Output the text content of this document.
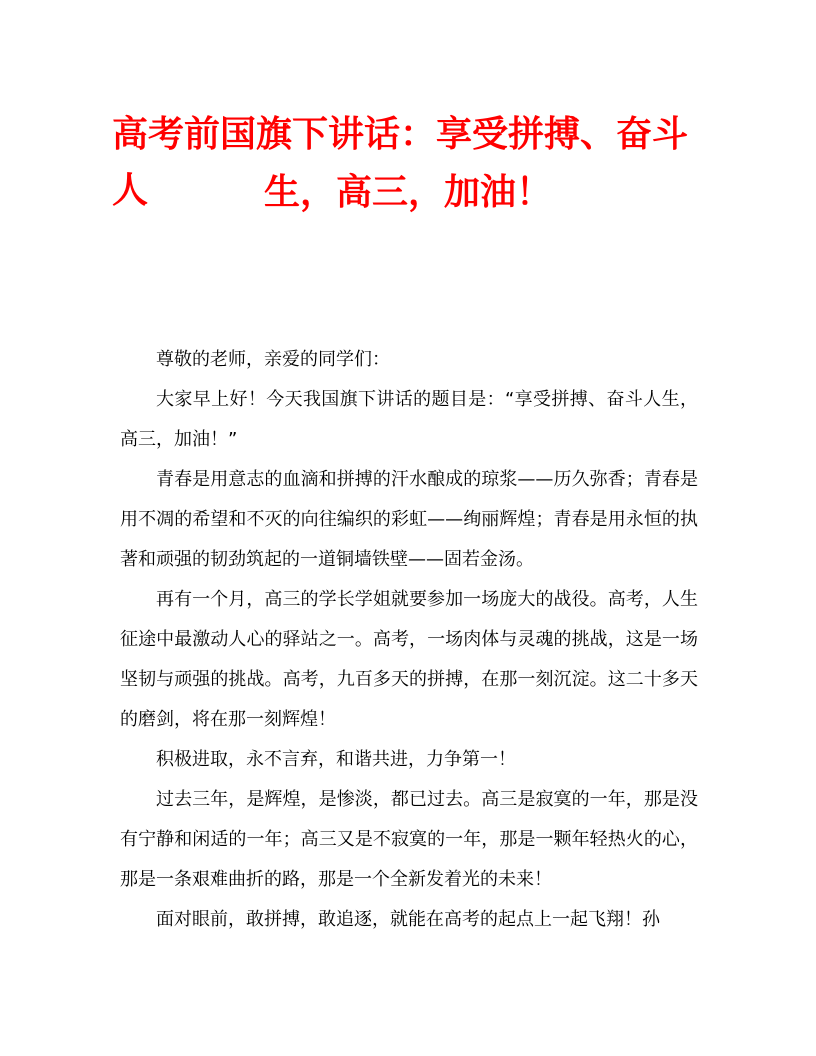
高考前国旗下讲话：享受拼搏、奋斗人	生，高三，加油！

尊敬的老师，亲爱的同学们：

大家早上好！今天我国旗下讲话的题目是：“享受拼搏、奋斗人生，高三，加油！”

青春是用意志的血滴和拼搏的汗水酿成的琼浆——历久弥香；青春是用不凋的希望和不灭的向往编织的彩虹——绚丽辉煌；青春是用永恒的执著和顽强的韧劲筑起的一道铜墙铁壁——固若金汤。

再有一个月，高三的学长学姐就要参加一场庞大的战役。高考，人生征途中最激动人心的驿站之一。高考，一场肉体与灵魂的挑战，这是一场坚韧与顽强的挑战。高考，九百多天的拼搏，在那一刻沉淀。这二十多天的磨剑，将在那一刻辉煌！

积极进取，永不言弃，和谐共进，力争第一！

过去三年，是辉煌，是惨淡，都已过去。高三是寂寞的一年，那是没有宁静和闲适的一年；高三又是不寂寞的一年，那是一颗年轻热火的心，那是一条艰难曲折的路，那是一个全新发着光的未来！

面对眼前，敢拼搏，敢追逐，就能在高考的起点上一起飞翔！孙
